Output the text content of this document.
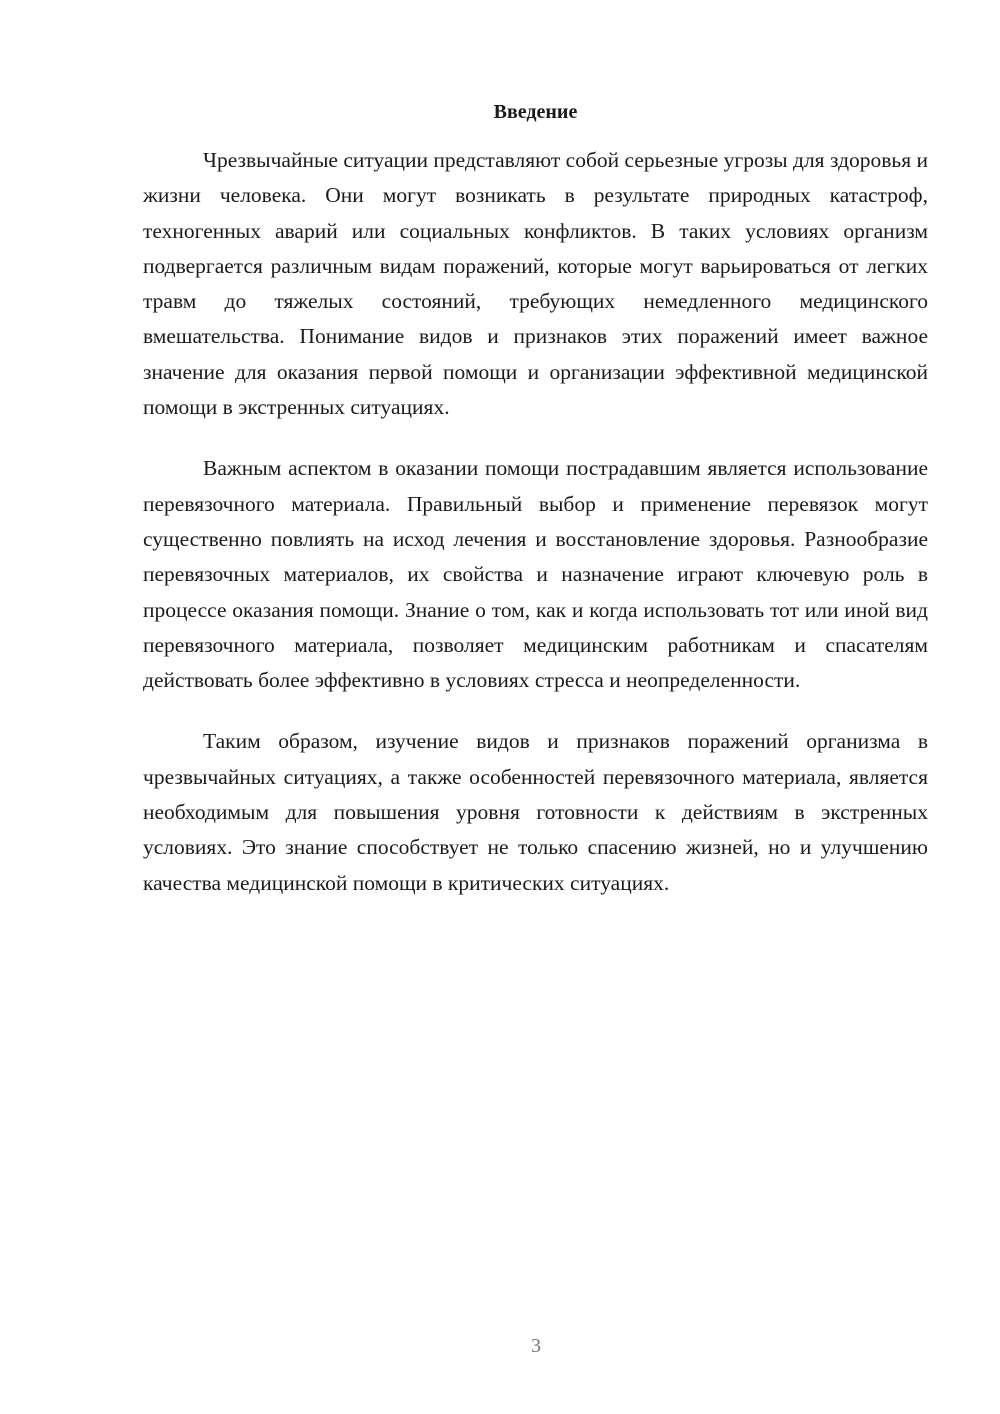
Введение

Чрезвычайные ситуации представляют собой серьезные угрозы для здоровья и жизни человека. Они могут возникать в результате природных катастроф, техногенных аварий или социальных конфликтов. В таких условиях организм подвергается различным видам поражений, которые могут варьироваться от легких травм до тяжелых состояний, требующих немедленного медицинского вмешательства. Понимание видов и признаков этих поражений имеет важное значение для оказания первой помощи и организации эффективной медицинской помощи в экстренных ситуациях.

Важным аспектом в оказании помощи пострадавшим является использование перевязочного материала. Правильный выбор и применение перевязок могут существенно повлиять на исход лечения и восстановление здоровья. Разнообразие перевязочных материалов, их свойства и назначение играют ключевую роль в процессе оказания помощи. Знание о том, как и когда использовать тот или иной вид перевязочного материала, позволяет медицинским работникам и спасателям действовать более эффективно в условиях стресса и неопределенности.

Таким образом, изучение видов и признаков поражений организма в чрезвычайных ситуациях, а также особенностей перевязочного материала, является необходимым для повышения уровня готовности к действиям в экстренных условиях. Это знание способствует не только спасению жизней, но и улучшению качества медицинской помощи в критических ситуациях.

3
